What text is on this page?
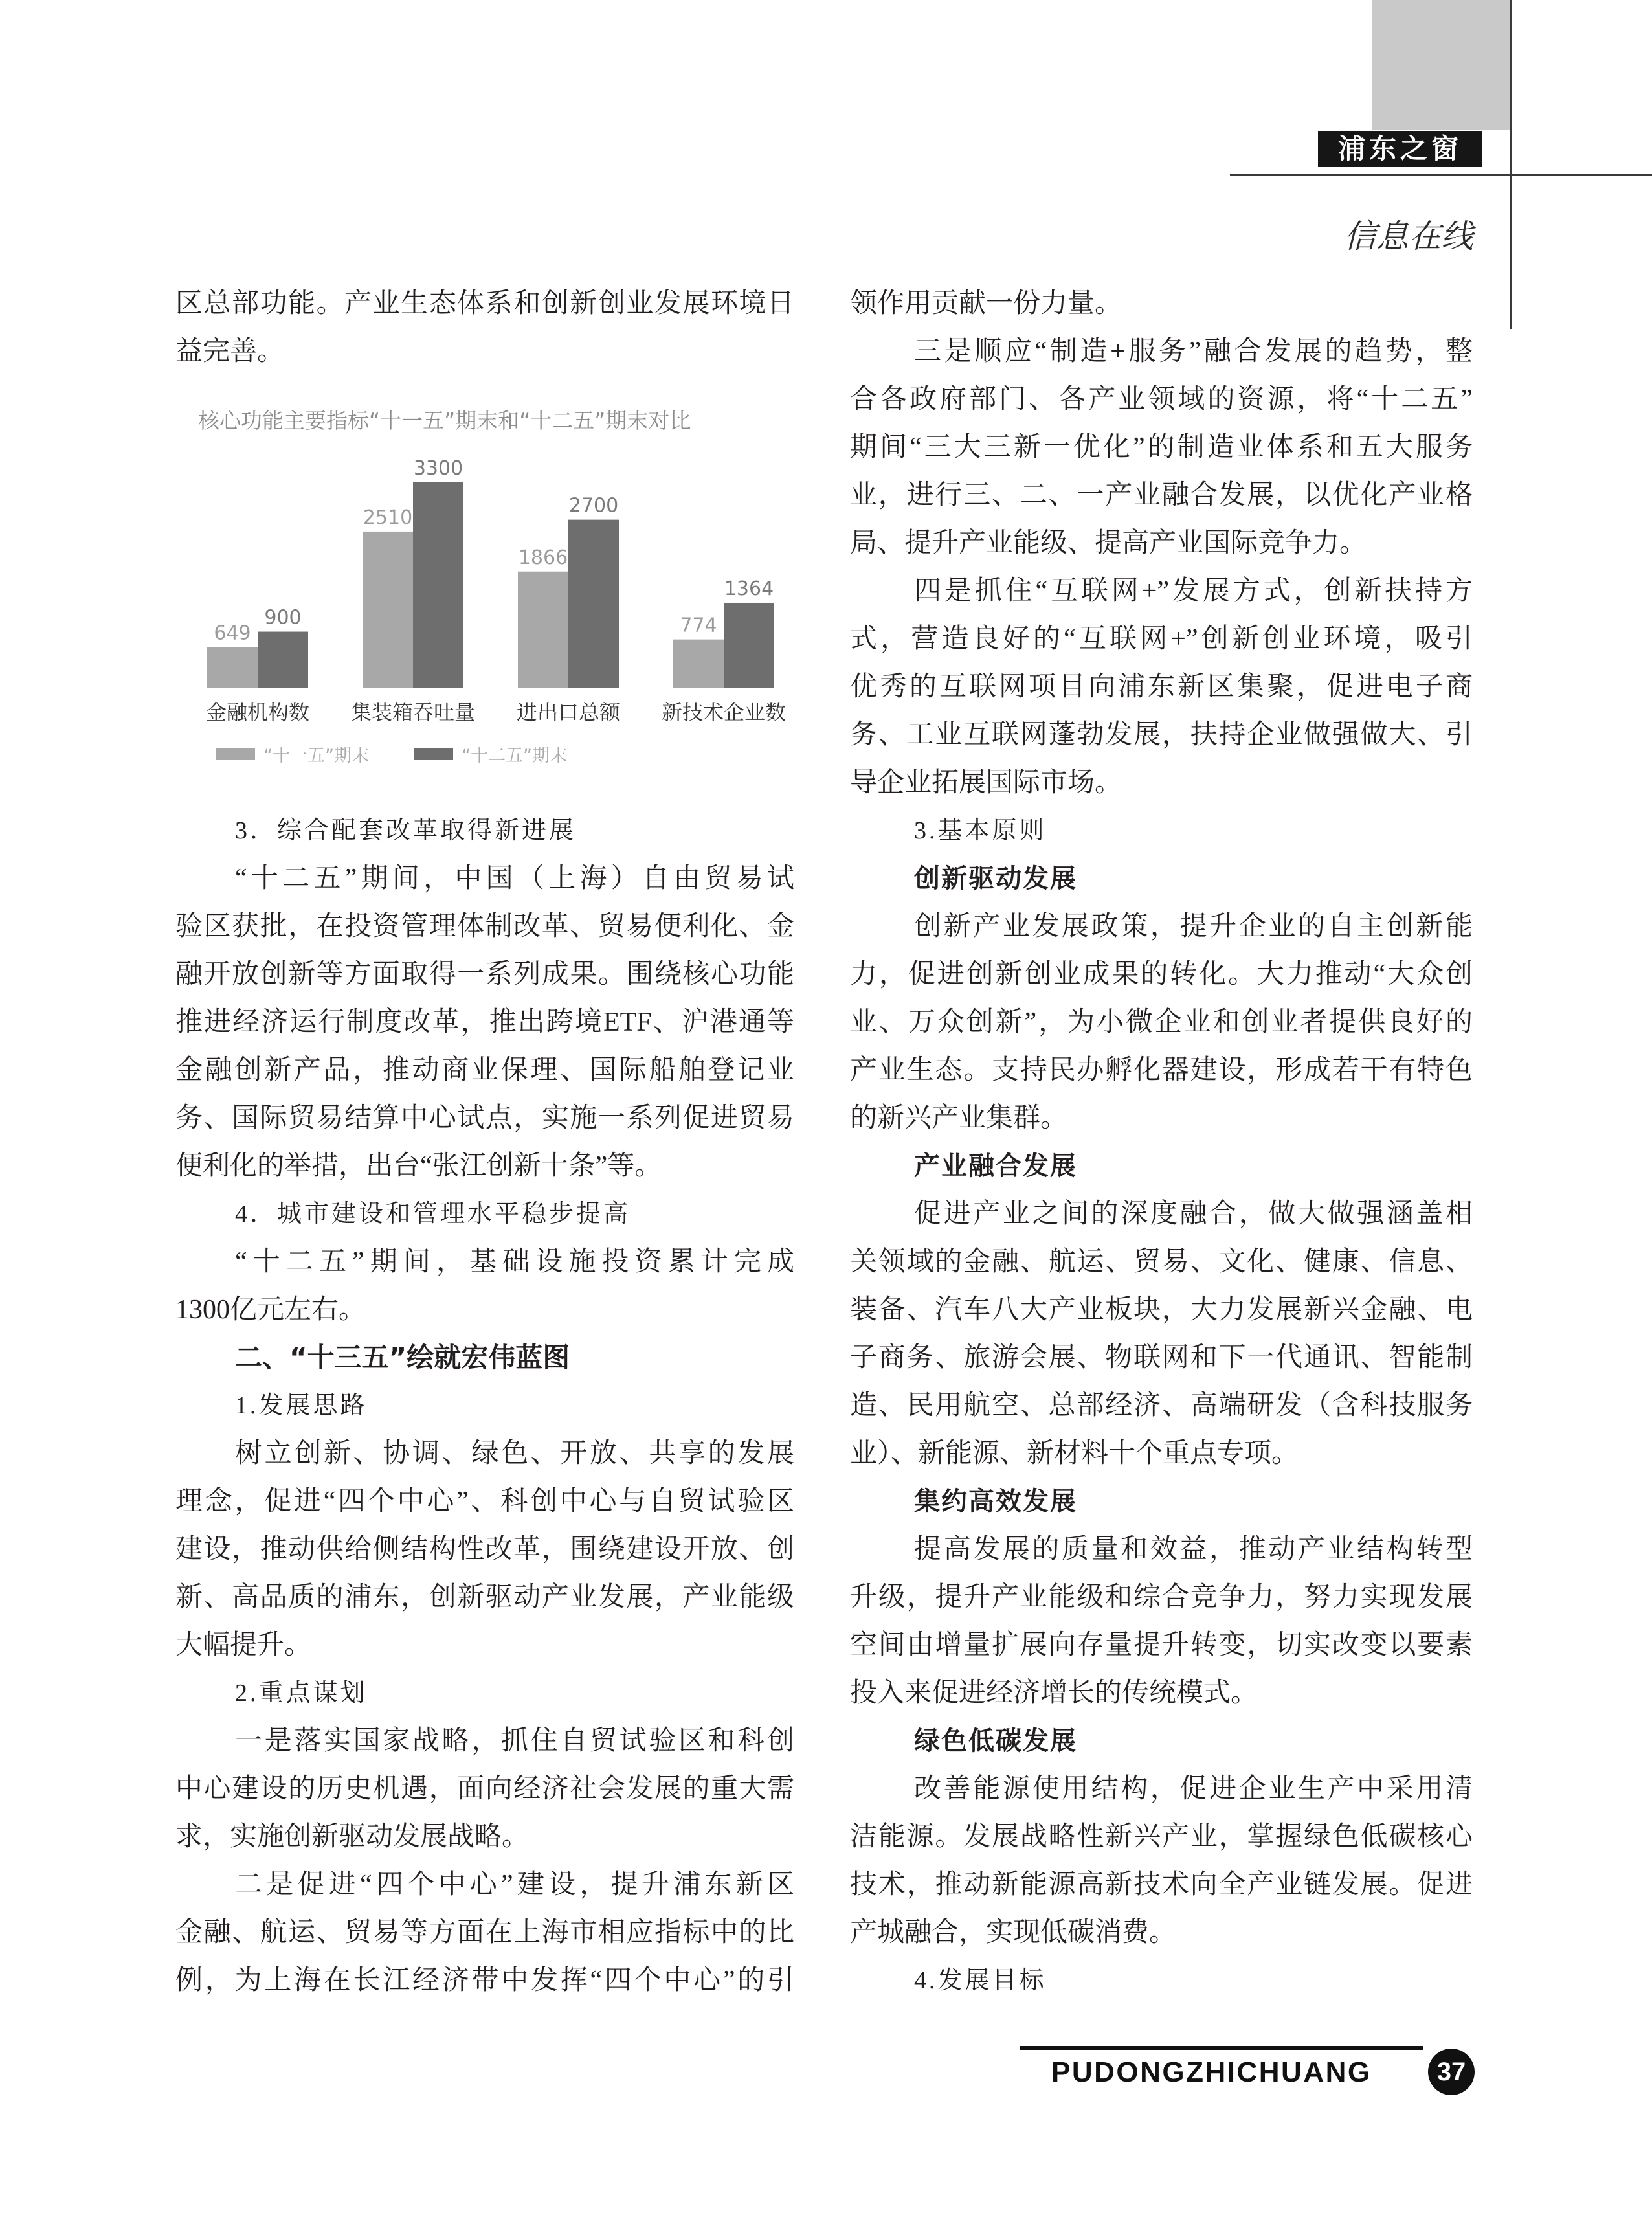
浦东之窗
信息在线
区总部功能。产业生态体系和创新创业发展环境日
益完善。
核心功能主要指标“十一五”期末和“十二五”期末对比
649
900
金融机构数
2510
3300
集装箱吞吐量
1866
2700
进出口总额
774
1364
新技术企业数
“十一五”期末	“十二五”期末
3．综合配套改革取得新进展
“十二五”期间，中国（上海）自由贸易试
验区获批，在投资管理体制改革、贸易便利化、金
融开放创新等方面取得一系列成果。围绕核心功能
推进经济运行制度改革，推出跨境ETF、沪港通等
金融创新产品，推动商业保理、国际船舶登记业
务、国际贸易结算中心试点，实施一系列促进贸易
便利化的举措，出台“张江创新十条”等。
4．城市建设和管理水平稳步提高
“十二五”期间，基础设施投资累计完成
1300亿元左右。
二、“十三五”绘就宏伟蓝图
1.发展思路
树立创新、协调、绿色、开放、共享的发展
理念，促进“四个中心”、科创中心与自贸试验区
建设，推动供给侧结构性改革，围绕建设开放、创
新、高品质的浦东，创新驱动产业发展，产业能级
大幅提升。
2.重点谋划
一是落实国家战略，抓住自贸试验区和科创
中心建设的历史机遇，面向经济社会发展的重大需
求，实施创新驱动发展战略。
二是促进“四个中心”建设，提升浦东新区
金融、航运、贸易等方面在上海市相应指标中的比
例，为上海在长江经济带中发挥“四个中心”的引
领作用贡献一份力量。
三是顺应“制造+服务”融合发展的趋势，整
合各政府部门、各产业领域的资源，将“十二五”
期间“三大三新一优化”的制造业体系和五大服务
业，进行三、二、一产业融合发展，以优化产业格
局、提升产业能级、提高产业国际竞争力。
四是抓住“互联网+”发展方式，创新扶持方
式，营造良好的“互联网+”创新创业环境，吸引
优秀的互联网项目向浦东新区集聚，促进电子商
务、工业互联网蓬勃发展，扶持企业做强做大、引
导企业拓展国际市场。
3.基本原则
创新驱动发展
创新产业发展政策，提升企业的自主创新能
力，促进创新创业成果的转化。大力推动“大众创
业、万众创新”，为小微企业和创业者提供良好的
产业生态。支持民办孵化器建设，形成若干有特色
的新兴产业集群。
产业融合发展
促进产业之间的深度融合，做大做强涵盖相
关领域的金融、航运、贸易、文化、健康、信息、
装备、汽车八大产业板块，大力发展新兴金融、电
子商务、旅游会展、物联网和下一代通讯、智能制
造、民用航空、总部经济、高端研发（含科技服务
业）、新能源、新材料十个重点专项。
集约高效发展
提高发展的质量和效益，推动产业结构转型
升级，提升产业能级和综合竞争力，努力实现发展
空间由增量扩展向存量提升转变，切实改变以要素
投入来促进经济增长的传统模式。
绿色低碳发展
改善能源使用结构，促进企业生产中采用清
洁能源。发展战略性新兴产业，掌握绿色低碳核心
技术，推动新能源高新技术向全产业链发展。促进
产城融合，实现低碳消费。
4.发展目标
PUDONGZHICHUANG	37
